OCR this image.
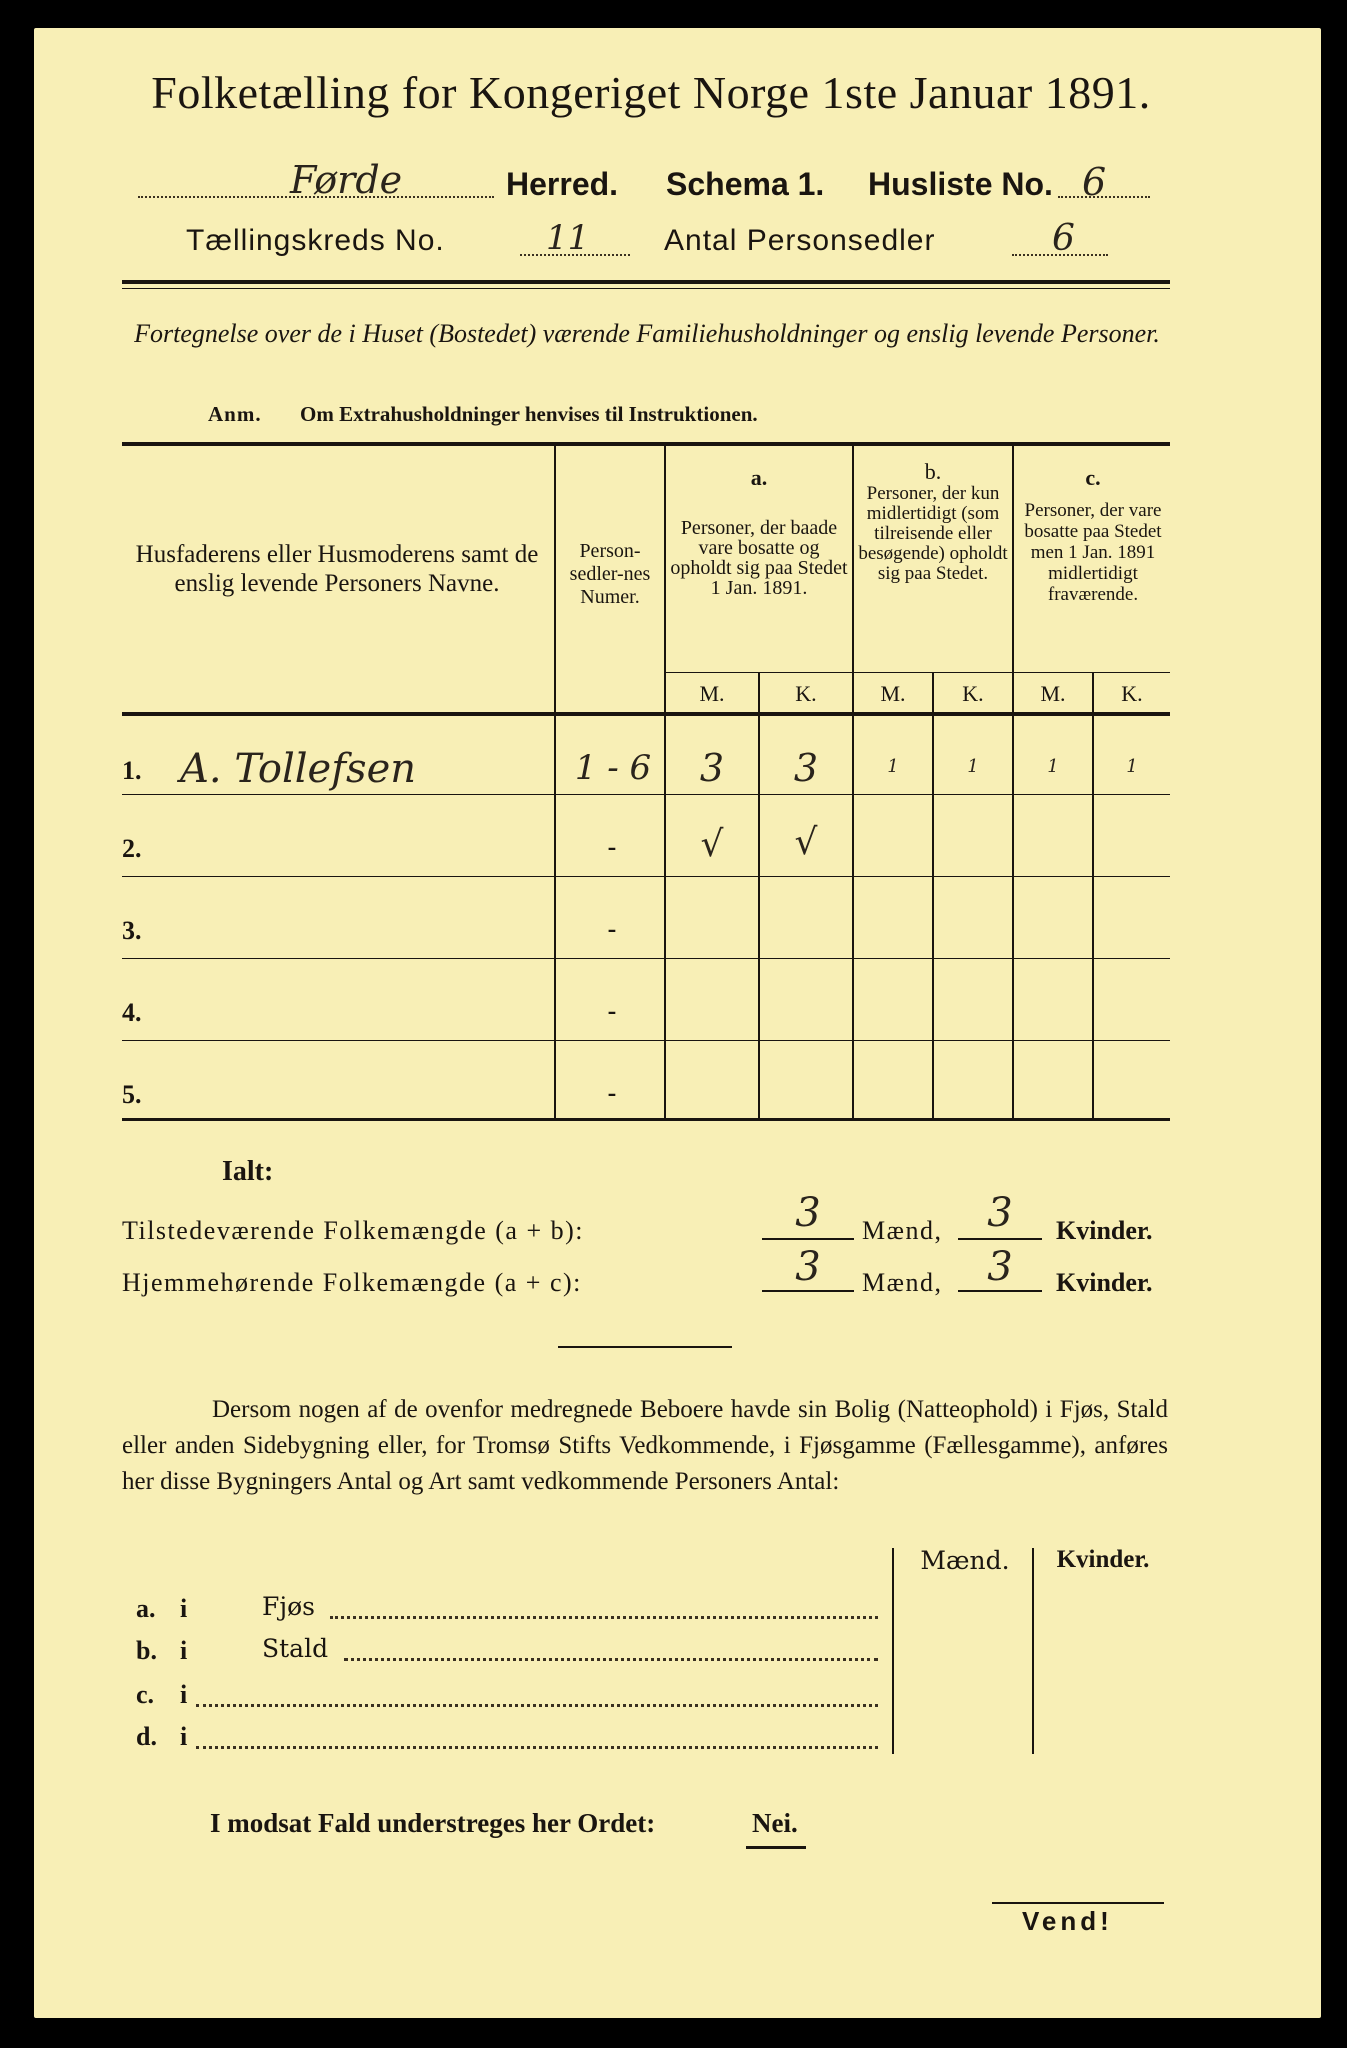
Folketælling for Kongeriget Norge 1ste Januar 1891.
Førde	Herred. Schema 1. Husliste No. 6
Tællingskreds No.	11 Antal Personsedler	6
Fortegnelse over de i Huset (Bostedet) værende Familiehusholdninger og enslig levende Personer.
Anm. Om Extrahusholdninger henvises til Instruktionen.
Husfaderens eller Husmoderens samt de enslig levende Personers Navne.
Person-sedler-nes Numer.
a.
Personer, der baade vare bosatte og opholdt sig paa Stedet 1 Jan. 1891.
b.
Personer, der kun midlertidigt (som tilreisende eller besøgende) opholdt sig paa Stedet.
c.
Personer, der vare bosatte paa Stedet men 1 Jan. 1891 midlertidigt fraværende.
M.	K.	M.	K.	M.	K.
1. A. Tollefsen	1 - 6	3	3	1	1	1	1
2.	-	√	√
3.	-
4.	-
5.	-
Ialt:
Tilstedeværende Folkemængde (a + b):	3	Mænd,	3	Kvinder.
Hjemmehørende Folkemængde (a + c):	3	Mænd,	3	Kvinder.
Dersom nogen af de ovenfor medregnede Beboere havde sin Bolig (Natteophold) i Fjøs, Stald eller anden Sidebygning eller, for Tromsø Stifts Vedkommende, i Fjøsgamme (Fællesgamme), anføres her disse Bygningers Antal og Art samt vedkommende Personers Antal:
Mænd.	Kvinder.
a. i	Fjøs
b. i	Stald
c. i
d. i
I modsat Fald understreges her Ordet:	Nei.
Vend!
